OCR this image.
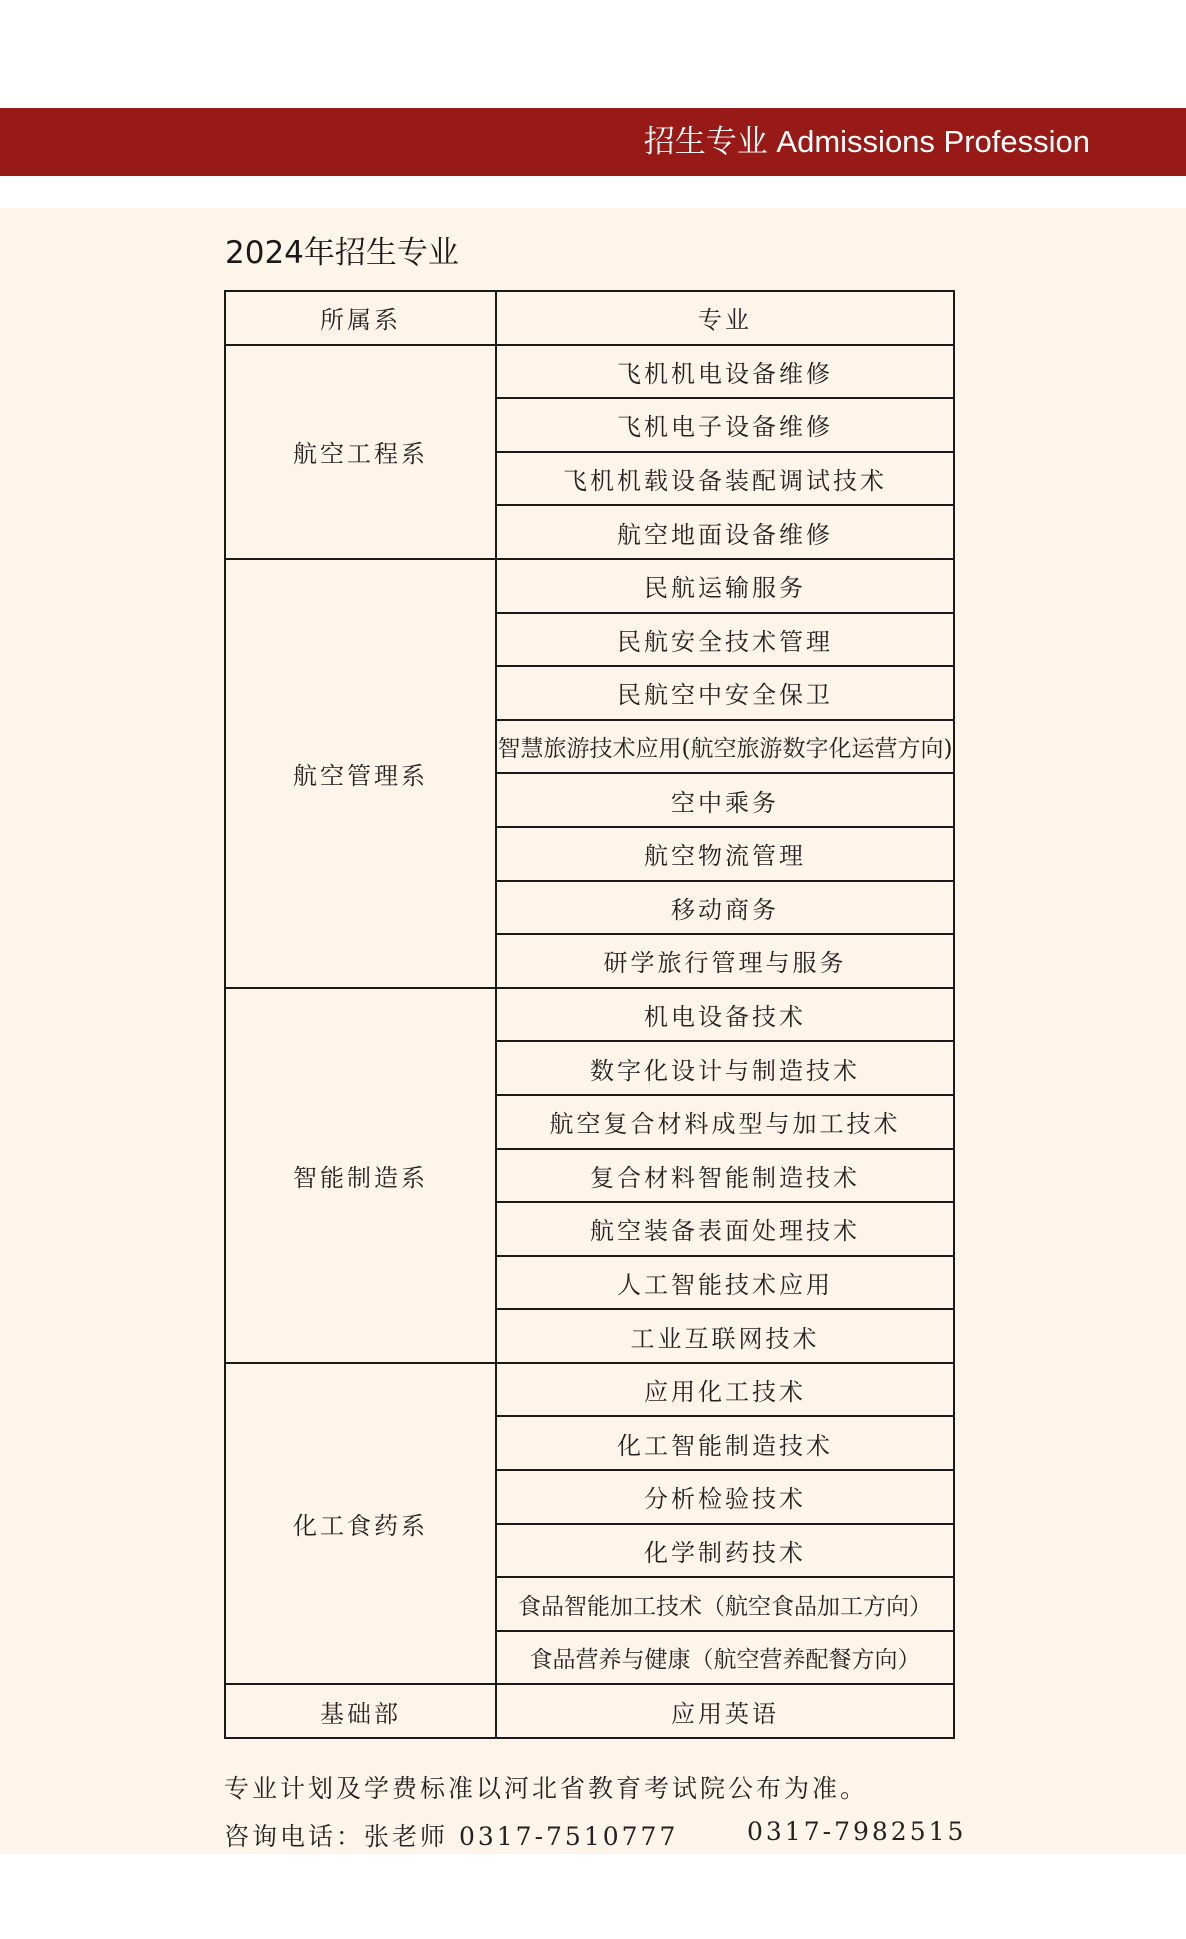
招生专业 Admissions Profession
2024年招生专业
所属系	专业
航空工程系	飞机机电设备维修
	飞机电子设备维修
	飞机机载设备装配调试技术
	航空地面设备维修
航空管理系	民航运输服务
	民航安全技术管理
	民航空中安全保卫
	智慧旅游技术应用(航空旅游数字化运营方向)
	空中乘务
	航空物流管理
	移动商务
	研学旅行管理与服务
智能制造系	机电设备技术
	数字化设计与制造技术
	航空复合材料成型与加工技术
	复合材料智能制造技术
	航空装备表面处理技术
	人工智能技术应用
	工业互联网技术
化工食药系	应用化工技术
	化工智能制造技术
	分析检验技术
	化学制药技术
	食品智能加工技术（航空食品加工方向）
	食品营养与健康（航空营养配餐方向）
基础部	应用英语
专业计划及学费标准以河北省教育考试院公布为准。
咨询电话：张老师 0317-7510777	0317-7982515
